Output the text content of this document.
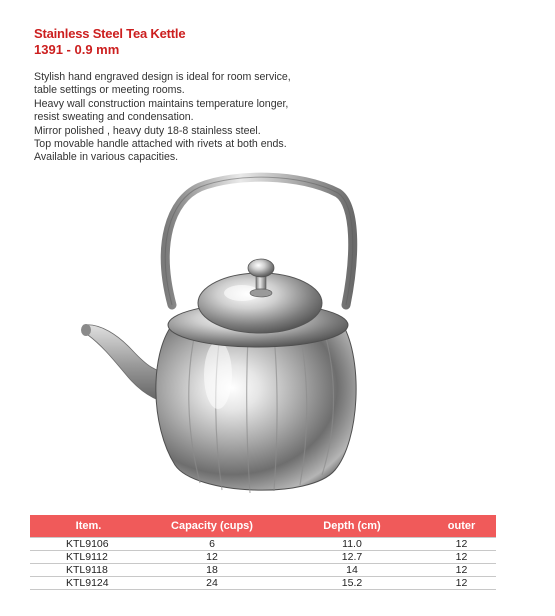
Stainless Steel Tea Kettle
1391 - 0.9 mm
Stylish hand engraved design is ideal for room service,
table settings or meeting rooms.
Heavy wall construction maintains temperature longer,
resist sweating and condensation.
Mirror polished , heavy duty 18-8 stainless steel.
Top movable handle attached with rivets at both ends.
Available in various capacities.
Item.	Capacity (cups)	Depth (cm)	outer
KTL9106	6	11.0	12
KTL9112	12	12.7	12
KTL9118	18	14	12
KTL9124	24	15.2	12
